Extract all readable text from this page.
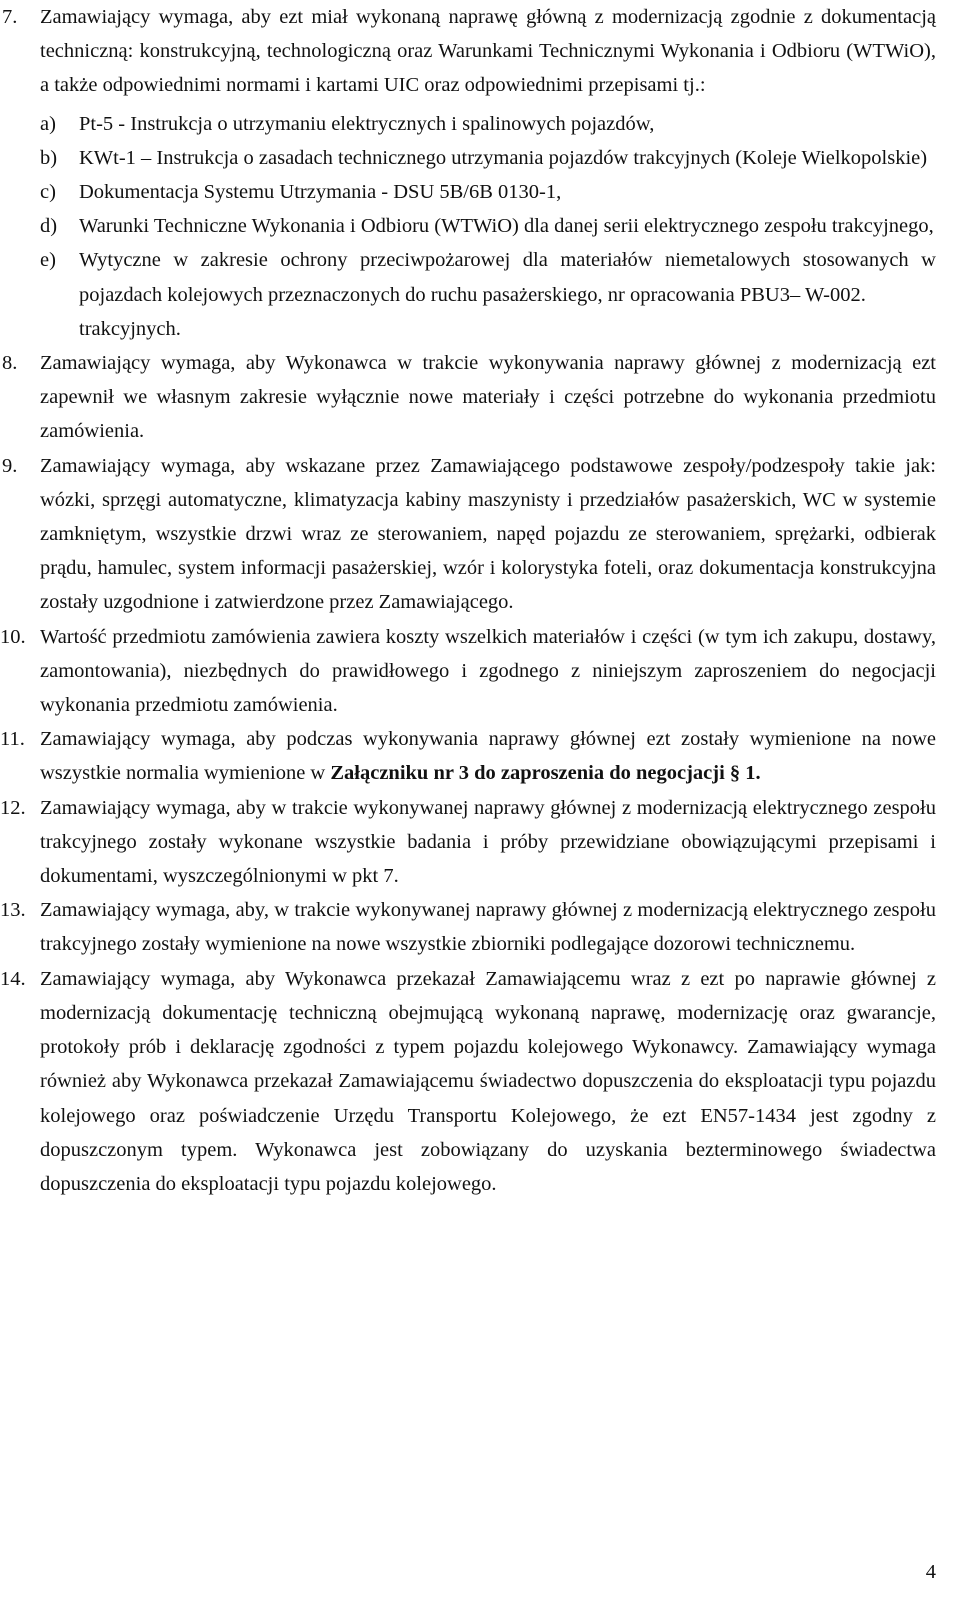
7. Zamawiający wymaga, aby ezt miał wykonaną naprawę główną z modernizacją zgodnie z dokumentacją techniczną: konstrukcyjną, technologiczną oraz Warunkami Technicznymi Wykonania i Odbioru (WTWiO), a także odpowiednimi normami i kartami UIC oraz odpowiednimi przepisami tj.:
a) Pt-5 - Instrukcja o utrzymaniu elektrycznych i spalinowych pojazdów,
b) KWt-1 – Instrukcja o zasadach technicznego utrzymania pojazdów trakcyjnych (Koleje Wielkopolskie)
c) Dokumentacja Systemu Utrzymania - DSU 5B/6B 0130-1,
d) Warunki Techniczne Wykonania i Odbioru (WTWiO) dla danej serii elektrycznego zespołu trakcyjnego,
e) Wytyczne w zakresie ochrony przeciwpożarowej dla materiałów niemetalowych stosowanych w pojazdach kolejowych przeznaczonych do ruchu pasażerskiego, nr opracowania PBU3– W-002.
trakcyjnych.
8. Zamawiający wymaga, aby Wykonawca w trakcie wykonywania naprawy głównej z modernizacją ezt zapewnił we własnym zakresie wyłącznie nowe materiały i części potrzebne do wykonania przedmiotu zamówienia.
9. Zamawiający wymaga, aby wskazane przez Zamawiającego podstawowe zespoły/podzespoły takie jak: wózki, sprzęgi automatyczne, klimatyzacja kabiny maszynisty i przedziałów pasażerskich, WC w systemie zamkniętym, wszystkie drzwi wraz ze sterowaniem, napęd pojazdu ze sterowaniem, sprężarki, odbierak prądu, hamulec, system informacji pasażerskiej, wzór i kolorystyka foteli, oraz dokumentacja konstrukcyjna zostały uzgodnione i zatwierdzone przez Zamawiającego.
10. Wartość przedmiotu zamówienia zawiera koszty wszelkich materiałów i części (w tym ich zakupu, dostawy, zamontowania), niezbędnych do prawidłowego i zgodnego z niniejszym zaproszeniem do negocjacji wykonania przedmiotu zamówienia.
11. Zamawiający wymaga, aby podczas wykonywania naprawy głównej ezt zostały wymienione na nowe wszystkie normalia wymienione w Załączniku nr 3 do zaproszenia do negocjacji § 1.
12. Zamawiający wymaga, aby w trakcie wykonywanej naprawy głównej z modernizacją elektrycznego zespołu trakcyjnego zostały wykonane wszystkie badania i próby przewidziane obowiązującymi przepisami i dokumentami, wyszczególnionymi w pkt 7.
13. Zamawiający wymaga, aby, w trakcie wykonywanej naprawy głównej z modernizacją elektrycznego zespołu trakcyjnego zostały wymienione na nowe wszystkie zbiorniki podlegające dozorowi technicznemu.
14. Zamawiający wymaga, aby Wykonawca przekazał Zamawiającemu wraz z ezt po naprawie głównej z modernizacją dokumentację techniczną obejmującą wykonaną naprawę, modernizację oraz gwarancje, protokoły prób i deklarację zgodności z typem pojazdu kolejowego Wykonawcy. Zamawiający wymaga również aby Wykonawca przekazał Zamawiającemu świadectwo dopuszczenia do eksploatacji typu pojazdu kolejowego oraz poświadczenie Urzędu Transportu Kolejowego, że ezt EN57-1434 jest zgodny z dopuszczonym typem. Wykonawca jest zobowiązany do uzyskania bezterminowego świadectwa dopuszczenia do eksploatacji typu pojazdu kolejowego.
4
